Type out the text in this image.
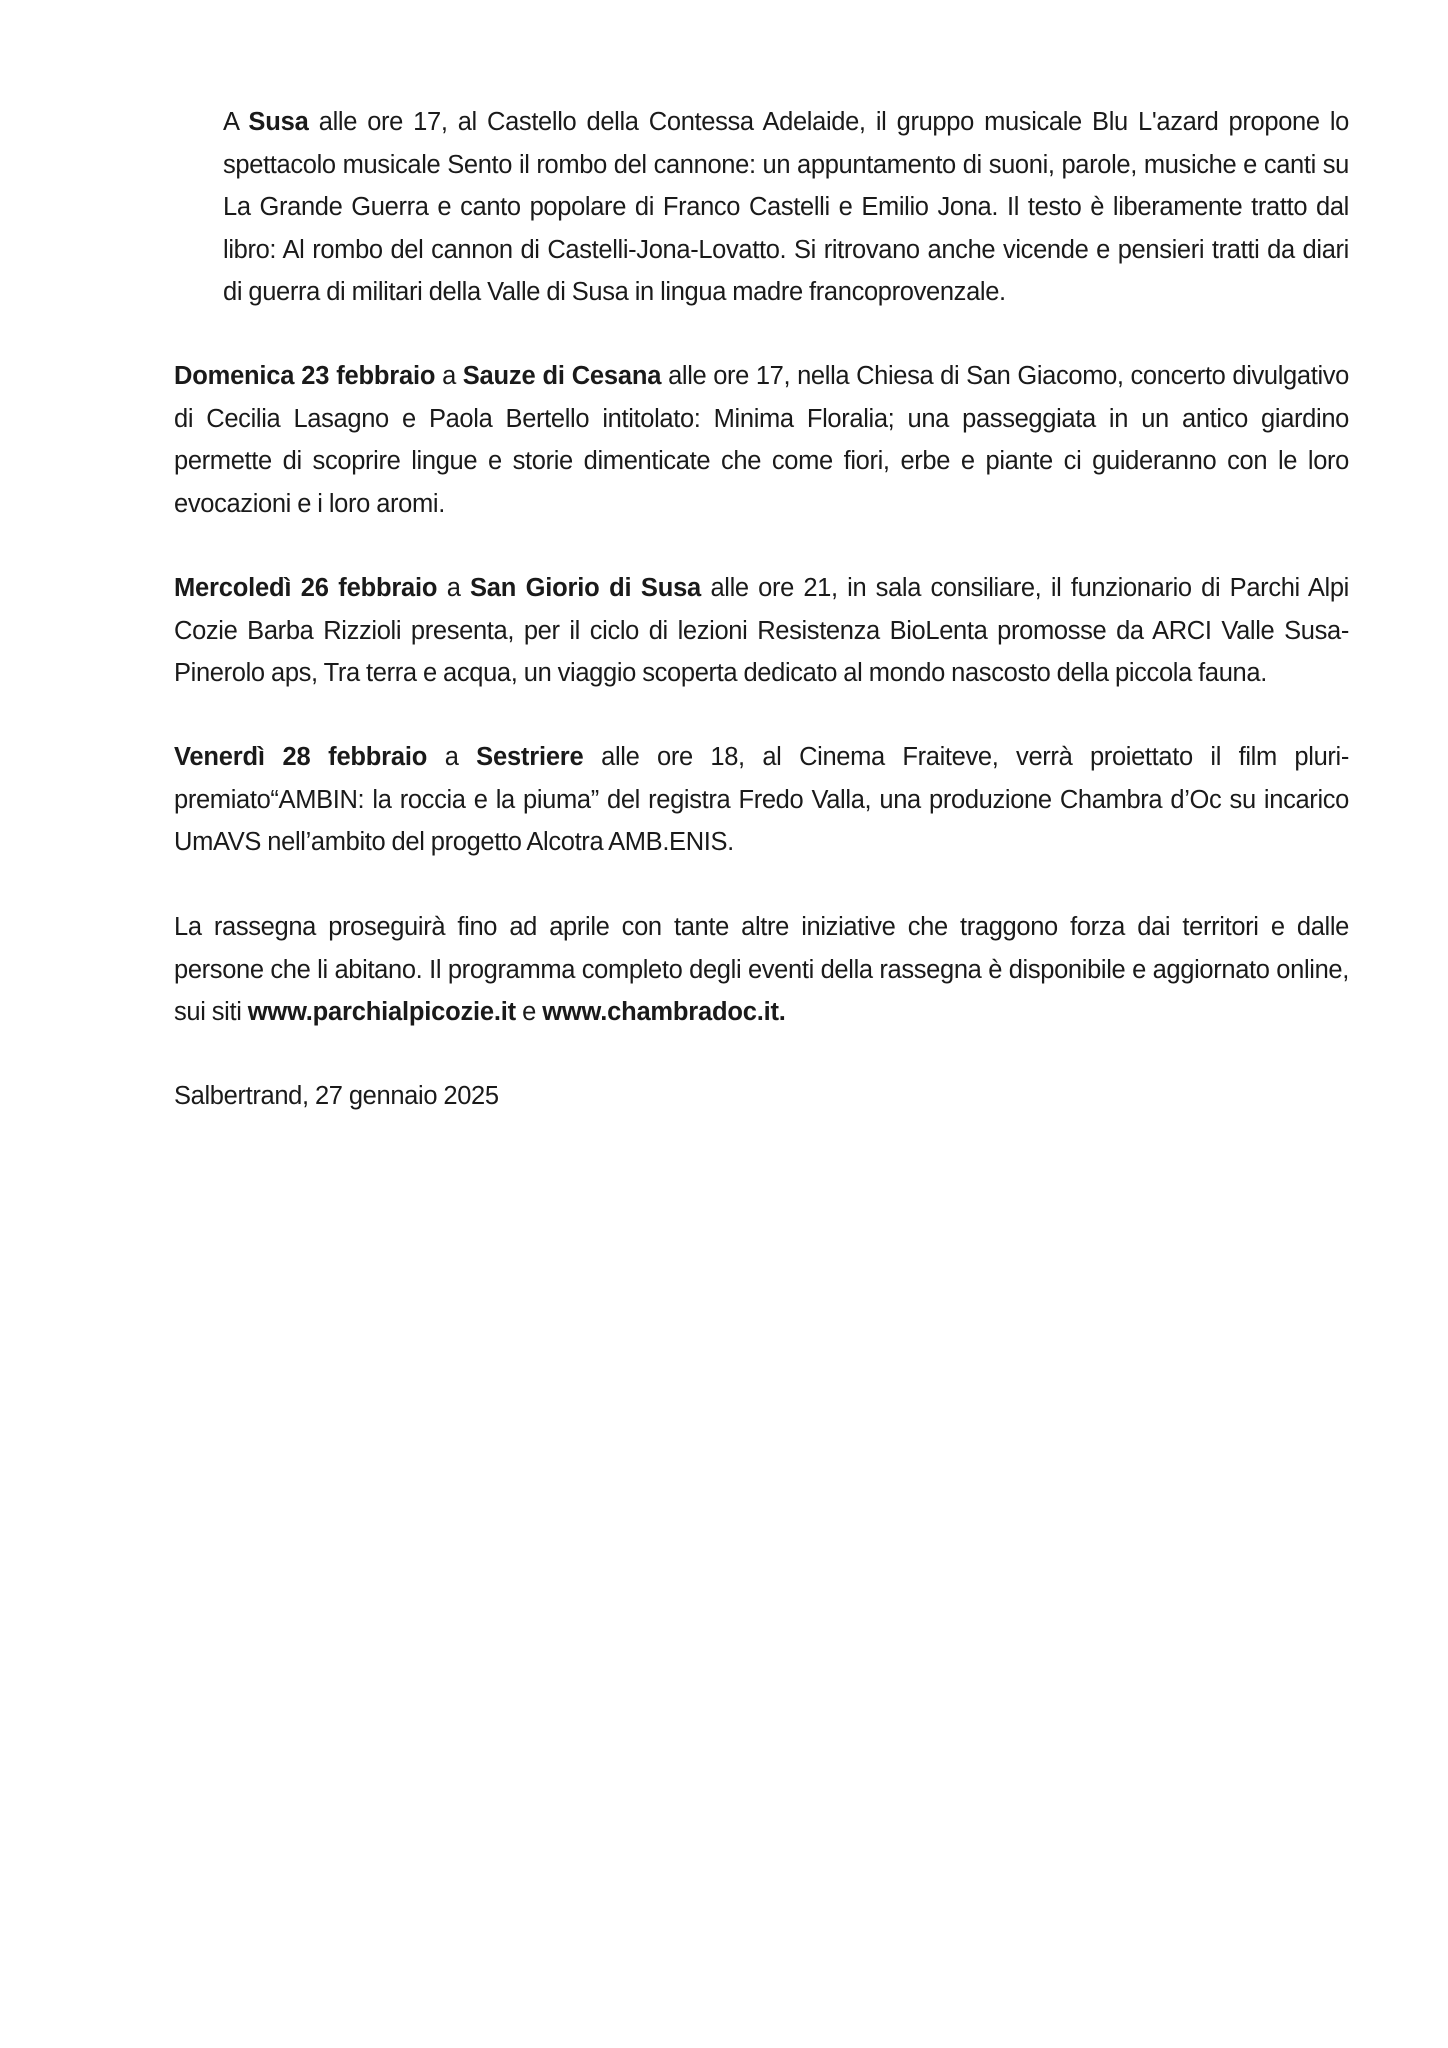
A Susa alle ore 17, al Castello della Contessa Adelaide, il gruppo musicale Blu L'azard propone lo spettacolo musicale Sento il rombo del cannone: un appuntamento di suoni, parole, musiche e canti su La Grande Guerra e canto popolare di Franco Castelli e Emilio Jona. Il testo è liberamente tratto dal libro: Al rombo del cannon di Castelli-Jona-Lovatto. Si ritrovano anche vicende e pensieri tratti da diari di guerra di militari della Valle di Susa in lingua madre francoprovenzale.

Domenica 23 febbraio a Sauze di Cesana alle ore 17, nella Chiesa di San Giacomo, concerto divulgativo di Cecilia Lasagno e Paola Bertello intitolato: Minima Floralia; una passeggiata in un antico giardino permette di scoprire lingue e storie dimenticate che come fiori, erbe e piante ci guideranno con le loro evocazioni e i loro aromi.

Mercoledì 26 febbraio a San Giorio di Susa alle ore 21, in sala consiliare, il funzionario di Parchi Alpi Cozie Barba Rizzioli presenta, per il ciclo di lezioni Resistenza BioLenta promosse da ARCI Valle Susa-Pinerolo aps, Tra terra e acqua, un viaggio scoperta dedicato al mondo nascosto della piccola fauna.

Venerdì 28 febbraio a Sestriere alle ore 18, al Cinema Fraiteve, verrà proiettato il film pluri-premiato“AMBIN: la roccia e la piuma” del registra Fredo Valla, una produzione Chambra d’Oc su incarico UmAVS nell’ambito del progetto Alcotra AMB.ENIS.

La rassegna proseguirà fino ad aprile con tante altre iniziative che traggono forza dai territori e dalle persone che li abitano. Il programma completo degli eventi della rassegna è disponibile e aggiornato online, sui siti www.parchialpicozie.it e www.chambradoc.it.

Salbertrand, 27 gennaio 2025
